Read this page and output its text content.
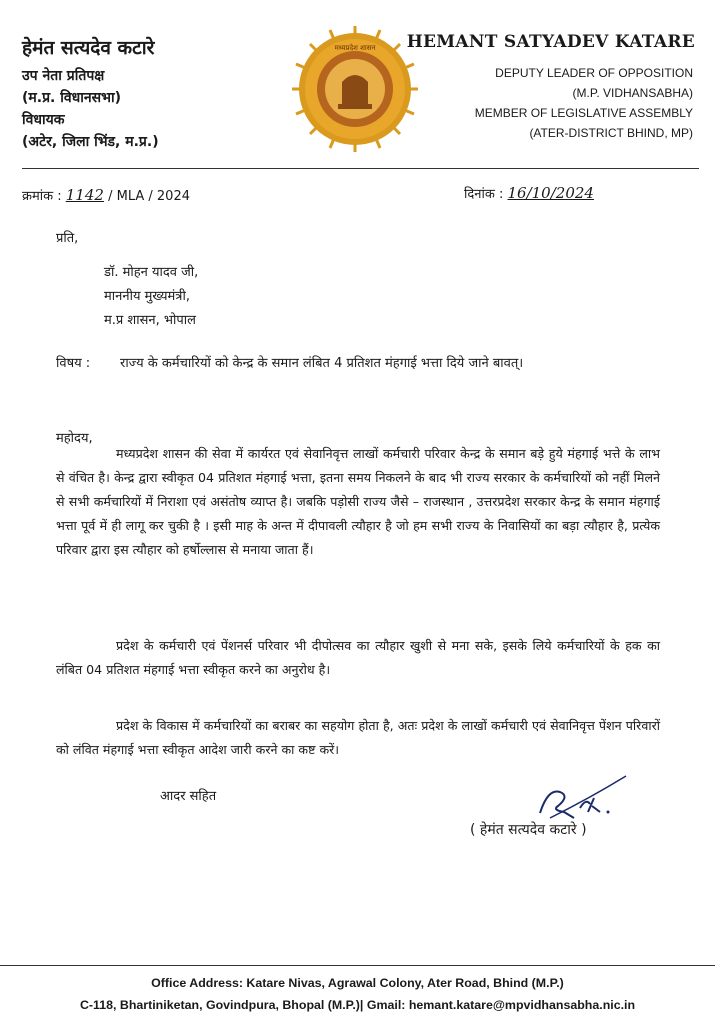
हेमंत सत्यदेव कटारे
उप नेता प्रतिपक्ष
(म.प्र. विधानसभा)
विधायक
(अटेर, जिला भिंड, म.प्र.)
मध्यप्रदेश शासन HEMANT SATYADEV KATARE
DEPUTY LEADER OF OPPOSITION
(M.P. VIDHANSABHA)
MEMBER OF LEGISLATIVE ASSEMBLY
(ATER-DISTRICT BHIND, MP)
क्रमांक : 1142 / MLA / 2024	दिनांक : 16/10/2024
प्रति,
डॉ. मोहन यादव जी,
माननीय मुख्यमंत्री,
म.प्र शासन, भोपाल
विषय : राज्य के कर्मचारियों को केन्द्र के समान लंबित 4 प्रतिशत मंहगाई भत्ता दिये जाने बावत्।
महोदय,
मध्यप्रदेश शासन की सेवा में कार्यरत एवं सेवानिवृत्त लाखों कर्मचारी परिवार केन्द्र के समान बड़े हुये मंहगाई भत्ते के लाभ से वंचित है। केन्द्र द्वारा स्वीकृत 04 प्रतिशत मंहगाई भत्ता, इतना समय निकलने के बाद भी राज्य सरकार के कर्मचारियों को नहीं मिलने से सभी कर्मचारियों में निराशा एवं असंतोष व्याप्त है। जबकि पड़ोसी राज्य जैसे – राजस्थान , उत्तरप्रदेश सरकार केन्द्र के समान मंहगाई भत्ता पूर्व में ही लागू कर चुकी है । इसी माह के अन्त में दीपावली त्यौहार है जो हम सभी राज्य के निवासियों का बड़ा त्यौहार है, प्रत्येक परिवार द्वारा इस त्यौहार को हर्षोल्लास से मनाया जाता हैं।
प्रदेश के कर्मचारी एवं पेंशनर्स परिवार भी दीपोत्सव का त्यौहार खुशी से मना सके, इसके लिये कर्मचारियों के हक का लंबित 04 प्रतिशत मंहगाई भत्ता स्वीकृत करने का अनुरोध है।
प्रदेश के विकास में कर्मचारियों का बराबर का सहयोग होता है, अतः प्रदेश के लाखों कर्मचारी एवं सेवानिवृत्त पेंशन परिवारों को लंवित मंहगाई भत्ता स्वीकृत आदेश जारी करने का कष्ट करें।
आदर सहित
( हेमंत सत्यदेव कटारे )
Office Address: Katare Nivas, Agrawal Colony, Ater Road, Bhind (M.P.)
C-118, Bhartiniketan, Govindpura, Bhopal (M.P.)| Gmail: hemant.katare@mpvidhansabha.nic.in
